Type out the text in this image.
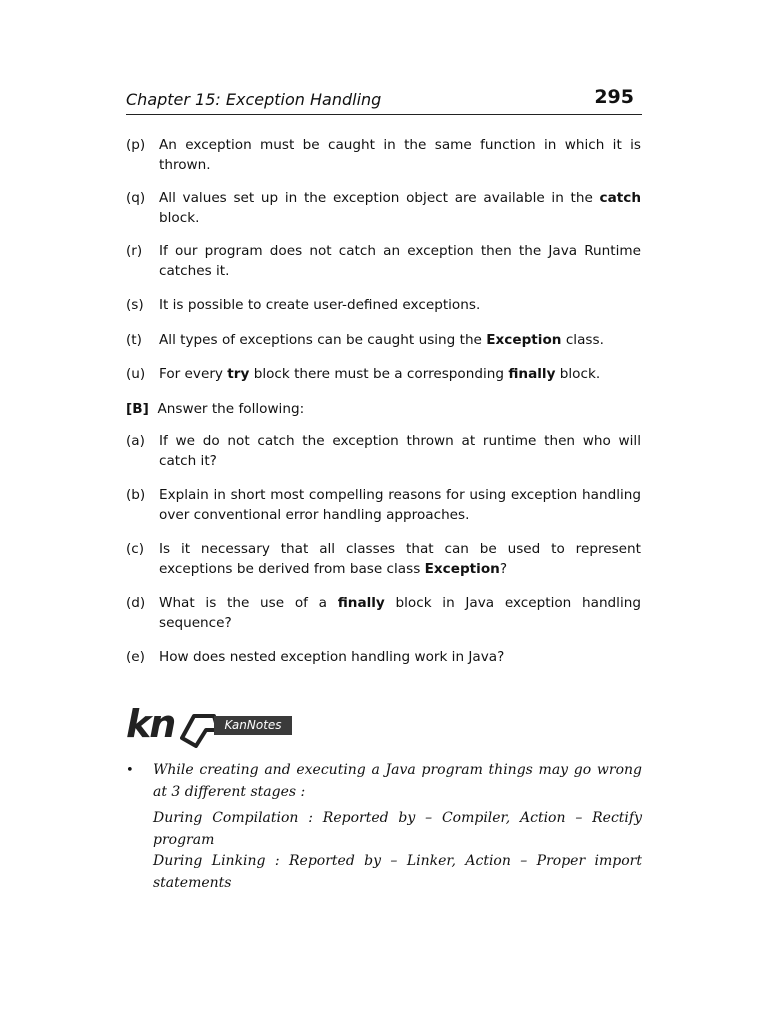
Chapter 15: Exception Handling	295
(p)	An exception must be caught in the same function in which it is thrown.
(q)	All values set up in the exception object are available in the catch block.
(r)	If our program does not catch an exception then the Java Runtime catches it.
(s)	It is possible to create user-defined exceptions.
(t)	All types of exceptions can be caught using the Exception class.
(u)	For every try block there must be a corresponding finally block.
[B] Answer the following:
(a)	If we do not catch the exception thrown at runtime then who will catch it?
(b)	Explain in short most compelling reasons for using exception handling over conventional error handling approaches.
(c)	Is it necessary that all classes that can be used to represent exceptions be derived from base class Exception?
(d)	What is the use of a finally block in Java exception handling sequence?
(e)	How does nested exception handling work in Java?
kn	KanNotes
•	While creating and executing a Java program things may go wrong at 3 different stages :
During Compilation : Reported by – Compiler, Action – Rectify program
During Linking : Reported by – Linker, Action – Proper import statements
